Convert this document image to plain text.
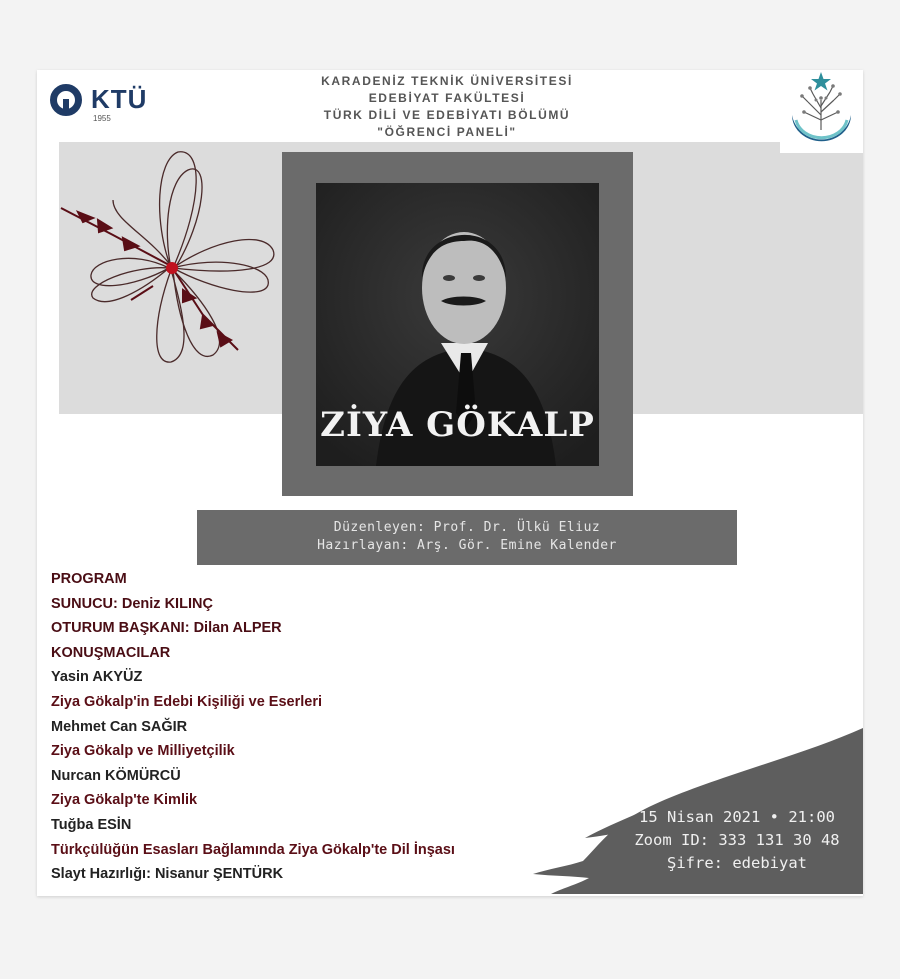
KTÜ
1955
KARADENİZ TEKNİK ÜNİVERSİTESİ
EDEBİYAT FAKÜLTESİ
TÜRK DİLİ VE EDEBİYATI BÖLÜMÜ
"ÖĞRENCİ PANELİ"
ZİYA GÖKALP
Düzenleyen: Prof. Dr. Ülkü Eliuz
Hazırlayan: Arş. Gör. Emine Kalender
PROGRAM
SUNUCU: Deniz KILINÇ
OTURUM BAŞKANI: Dilan ALPER
KONUŞMACILAR
Yasin AKYÜZ
Ziya Gökalp'in Edebi Kişiliği ve Eserleri
Mehmet Can SAĞIR
Ziya Gökalp ve Milliyetçilik
Nurcan KÖMÜRCÜ
Ziya Gökalp'te Kimlik
Tuğba ESİN
Türkçülüğün Esasları Bağlamında Ziya Gökalp'te Dil İnşası
Slayt Hazırlığı: Nisanur ŞENTÜRK
15 Nisan 2021 • 21:00
Zoom ID: 333 131 30 48
Şifre: edebiyat
